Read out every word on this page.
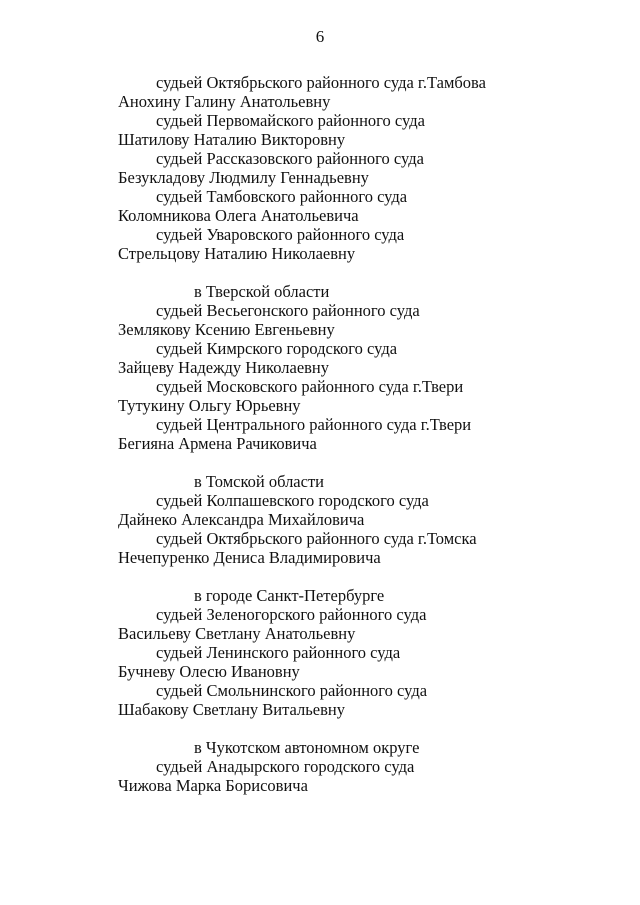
6
судьей Октябрьского районного суда г.Тамбова
Анохину Галину Анатольевну
судьей Первомайского районного суда
Шатилову Наталию Викторовну
судьей Рассказовского районного суда
Безукладову Людмилу Геннадьевну
судьей Тамбовского районного суда
Коломникова Олега Анатольевича
судьей Уваровского районного суда
Стрельцову Наталию Николаевну
в Тверской области
судьей Весьегонского районного суда
Землякову Ксению Евгеньевну
судьей Кимрского городского суда
Зайцеву Надежду Николаевну
судьей Московского районного суда г.Твери
Тутукину Ольгу Юрьевну
судьей Центрального районного суда г.Твери
Бегияна Армена Рачиковича
в Томской области
судьей Колпашевского городского суда
Дайнеко Александра Михайловича
судьей Октябрьского районного суда г.Томска
Нечепуренко Дениса Владимировича
в городе Санкт-Петербурге
судьей Зеленогорского районного суда
Васильеву Светлану Анатольевну
судьей Ленинского районного суда
Бучневу Олесю Ивановну
судьей Смольнинского районного суда
Шабакову Светлану Витальевну
в Чукотском автономном округе
судьей Анадырского городского суда
Чижова Марка Борисовича
